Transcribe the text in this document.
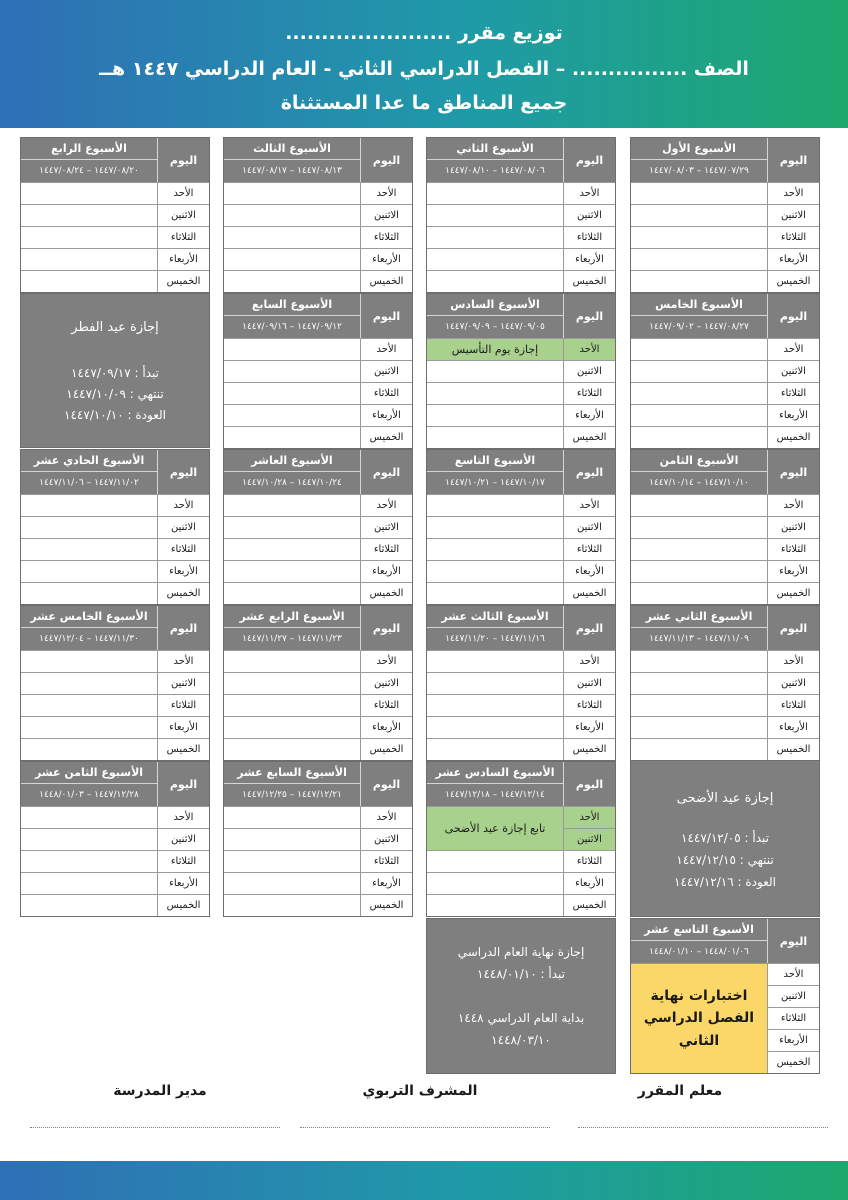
توزيع مقرر .......................
الصف ................ – الفصل الدراسي الثاني - العام الدراسي ١٤٤٧ هــ
جميع المناطق ما عدا المستثناة
اليوم
الأسبوع الأول
١٤٤٧/٠٧/٢٩ – ١٤٤٧/٠٨/٠٣
الأحد
الاثنين
الثلاثاء
الأربعاء
الخميس
اليوم
الأسبوع الثاني
١٤٤٧/٠٨/٠٦ – ١٤٤٧/٠٨/١٠
الأحد
الاثنين
الثلاثاء
الأربعاء
الخميس
اليوم
الأسبوع الثالث
١٤٤٧/٠٨/١٣ – ١٤٤٧/٠٨/١٧
الأحد
الاثنين
الثلاثاء
الأربعاء
الخميس
اليوم
الأسبوع الرابع
١٤٤٧/٠٨/٢٠ – ١٤٤٧/٠٨/٢٤
الأحد
الاثنين
الثلاثاء
الأربعاء
الخميس
اليوم
الأسبوع الخامس
١٤٤٧/٠٨/٢٧ – ١٤٤٧/٠٩/٠٢
الأحد
الاثنين
الثلاثاء
الأربعاء
الخميس
اليوم
الأسبوع السادس
١٤٤٧/٠٩/٠٥ – ١٤٤٧/٠٩/٠٩
الأحد
إجازة يوم التأسيس
الاثنين
الثلاثاء
الأربعاء
الخميس
اليوم
الأسبوع السابع
١٤٤٧/٠٩/١٢ – ١٤٤٧/٠٩/١٦
الأحد
الاثنين
الثلاثاء
الأربعاء
الخميس
اليوم
الأسبوع الثامن
١٤٤٧/١٠/١٠ – ١٤٤٧/١٠/١٤
الأحد
الاثنين
الثلاثاء
الأربعاء
الخميس
اليوم
الأسبوع التاسع
١٤٤٧/١٠/١٧ – ١٤٤٧/١٠/٢١
الأحد
الاثنين
الثلاثاء
الأربعاء
الخميس
اليوم
الأسبوع العاشر
١٤٤٧/١٠/٢٤ – ١٤٤٧/١٠/٢٨
الأحد
الاثنين
الثلاثاء
الأربعاء
الخميس
اليوم
الأسبوع الحادي عشر
١٤٤٧/١١/٠٢ – ١٤٤٧/١١/٠٦
الأحد
الاثنين
الثلاثاء
الأربعاء
الخميس
اليوم
الأسبوع الثاني عشر
١٤٤٧/١١/٠٩ – ١٤٤٧/١١/١٣
الأحد
الاثنين
الثلاثاء
الأربعاء
الخميس
اليوم
الأسبوع الثالث عشر
١٤٤٧/١١/١٦ – ١٤٤٧/١١/٢٠
الأحد
الاثنين
الثلاثاء
الأربعاء
الخميس
اليوم
الأسبوع الرابع عشر
١٤٤٧/١١/٢٣ – ١٤٤٧/١١/٢٧
الأحد
الاثنين
الثلاثاء
الأربعاء
الخميس
اليوم
الأسبوع الخامس عشر
١٤٤٧/١١/٣٠ – ١٤٤٧/١٢/٠٤
الأحد
الاثنين
الثلاثاء
الأربعاء
الخميس
اليوم
الأسبوع السادس عشر
١٤٤٧/١٢/١٤ – ١٤٤٧/١٢/١٨
الأحد
تابع إجازة عيد الأضحى
الاثنين
الثلاثاء
الأربعاء
الخميس
اليوم
الأسبوع السابع عشر
١٤٤٧/١٢/٢١ – ١٤٤٧/١٢/٢٥
الأحد
الاثنين
الثلاثاء
الأربعاء
الخميس
اليوم
الأسبوع الثامن عشر
١٤٤٧/١٢/٢٨ – ١٤٤٨/٠١/٠٣
الأحد
الاثنين
الثلاثاء
الأربعاء
الخميس
اليوم
الأسبوع التاسع عشر
١٤٤٨/٠١/٠٦ – ١٤٤٨/٠١/١٠
الأحد
اختبارات نهاية
الفصل الدراسي الثاني
الاثنين
الثلاثاء
الأربعاء
الخميس
إجازة عيد الفطر
تبدأ : ١٤٤٧/٠٩/١٧
تنتهي : ١٤٤٧/١٠/٠٩
العودة : ١٤٤٧/١٠/١٠
إجازة عيد الأضحى
تبدأ : ١٤٤٧/١٢/٠٥
تنتهي : ١٤٤٧/١٢/١٥
العودة : ١٤٤٧/١٢/١٦
إجازة نهاية العام الدراسي
تبدأ : ١٤٤٨/٠١/١٠
بداية العام الدراسي ١٤٤٨
١٤٤٨/٠٣/١٠
معلم المقرر
المشرف التربوي
مدير المدرسة
